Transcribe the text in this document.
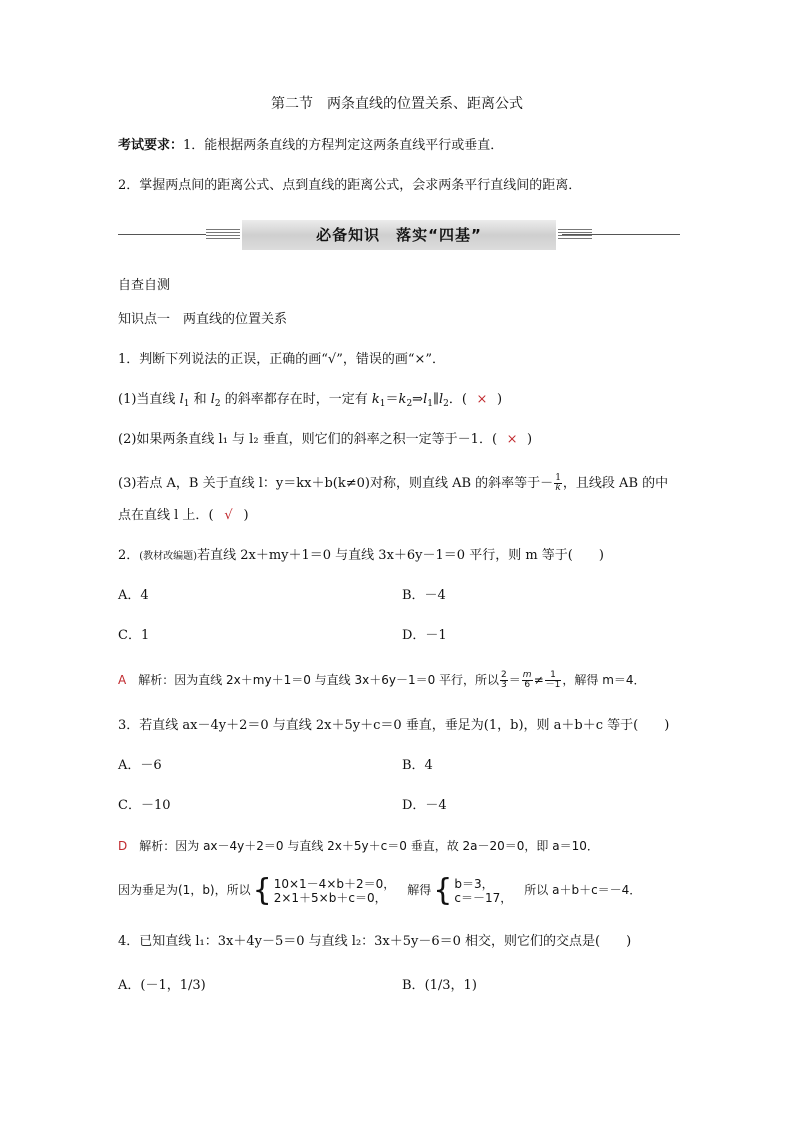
第二节　两条直线的位置关系、距离公式
考试要求：1．能根据两条直线的方程判定这两条直线平行或垂直．
2．掌握两点间的距离公式、点到直线的距离公式，会求两条平行直线间的距离．
必备知识　落实“四基”
自查自测
知识点一　两直线的位置关系
1．判断下列说法的正误，正确的画“√”，错误的画“×”．
(1)当直线 $l_1$ 和 $l_2$ 的斜率都存在时，一定有 $k_1=k_2\Rightarrow l_1\parallel l_2$．( × )
(2)如果两条直线 l₁ 与 l₂ 垂直，则它们的斜率之积一定等于－1．( × )
(3)若点 A，B 关于直线 l：y＝kx＋b(k≠0)对称，则直线 AB 的斜率等于－ $\frac{1}{k}$ ，且线段 AB 的中
点在直线 l 上．( √ )
2．(教材改编题)若直线 2x＋my＋1＝0 与直线 3x＋6y－1＝0 平行，则 m 等于(　　)
A．4	B．－4
C．1	D．－1
A　 解析：因为直线 2x＋my＋1＝0 与直线 3x＋6y－1＝0 平行，所以 $\frac{2}{3} = \frac{m}{6} \ne \frac{1}{-1}$ ，解得 m＝4．
3．若直线 ax－4y＋2＝0 与直线 2x＋5y＋c＝0 垂直，垂足为(1，b)，则 a＋b＋c 等于(　　)
A．－6	B．4
C．－10	D．－4
D　 解析：因为 ax－4y＋2＝0 与直线 2x＋5y＋c＝0 垂直，故 2a－20＝0，即 a＝10．
因为垂足为(1，b)，所以{ 10×1－4×b＋2＝0，
2×1＋5×b＋c＝0，
　解得{ b＝3，
c＝－17，
　所以 a＋b＋c＝－4．
4．已知直线 l₁：3x＋4y－5＝0 与直线 l₂：3x＋5y－6＝0 相交，则它们的交点是(　　)
A．(－1，1/3)	B．(1/3，1)
